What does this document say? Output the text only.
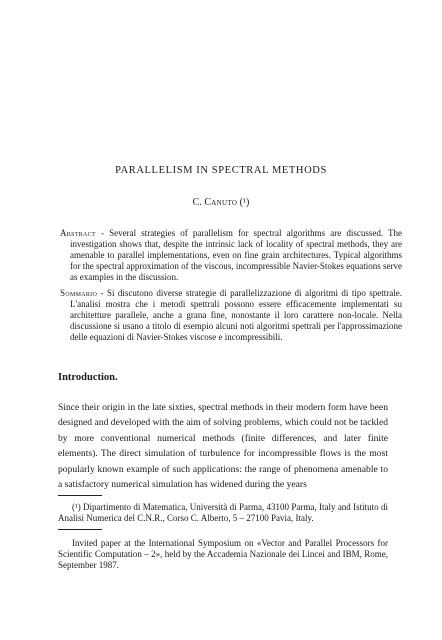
PARALLELISM IN SPECTRAL METHODS

C. Canuto (¹)

Abstract - Several strategies of parallelism for spectral algorithms are discussed. The investigation shows that, despite the intrinsic lack of locality of spectral methods, they are amenable to parallel implementations, even on fine grain architectures. Typical algorithms for the spectral approximation of the viscous, incompressible Navier-Stokes equations serve as examples in the discussion.

Sommario - Si discutono diverse strategie di parallelizzazione di algoritmi di tipo spettrale. L'analisi mostra che i metodi spettrali possono essere efficacemente implementati su architetture parallele, anche a grana fine, nonostante il loro carattere non-locale. Nella discussione si usano a titolo di esempio alcuni noti algoritmi spettrali per l'approssimazione delle equazioni di Navier-Stokes viscose e incompressibili.

Introduction.

Since their origin in the late sixties, spectral methods in their modern form have been designed and developed with the aim of solving problems, which could not be tackled by more conventional numerical methods (finite differences, and later finite elements). The direct simulation of turbulence for incompressible flows is the most popularly known example of such applications: the range of phenomena amenable to a satisfactory numerical simulation has widened during the years

(¹) Dipartimento di Matematica, Università di Parma, 43100 Parma, Italy and Istituto di Analisi Numerica del C.N.R., Corso C. Alberto, 5 – 27100 Pavia, Italy.

Invited paper at the International Symposium on «Vector and Parallel Processors for Scientific Computation – 2», held by the Accademia Nazionale dei Lincei and IBM, Rome, September 1987.
